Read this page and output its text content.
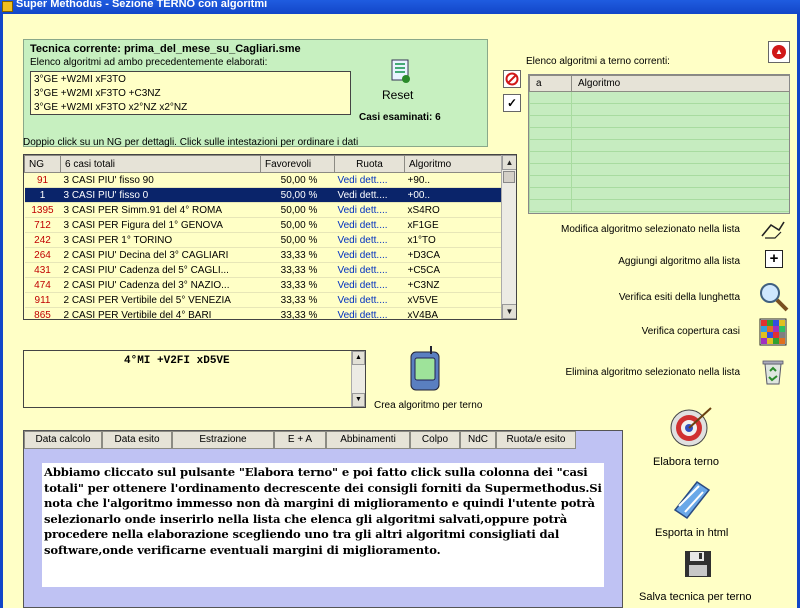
Super Methodus - Sezione TERNO con algoritmi
Tecnica corrente: prima_del_mese_su_Cagliari.sme
Elenco algoritmi ad ambo precedentemente elaborati:
3°GE +W2MI xF3TO
3°GE +W2MI xF3TO +C3NZ
3°GE +W2MI xF3TO x2°NZ x2°NZ
Reset
Casi esaminati: 6
Doppio click su un NG per dettagli. Click sulle intestazioni per ordinare i dati
NG	6 casi totali	Favorevoli	Ruota	Algoritmo
91	3 CASI PIU' fisso 90	50,00 %	Vedi dett....	+90..
1	3 CASI PIU' fisso 0	50,00 %	Vedi dett....	+00..
1395	3 CASI PER Simm.91 del 4° ROMA	50,00 %	Vedi dett....	xS4RO
712	3 CASI PER Figura del 1° GENOVA	50,00 %	Vedi dett....	xF1GE
242	3 CASI PER 1° TORINO	50,00 %	Vedi dett....	x1°TO
264	2 CASI PIU' Decina del 3° CAGLIARI	33,33 %	Vedi dett....	+D3CA
431	2 CASI PIU' Cadenza del 5° CAGLI...	33,33 %	Vedi dett....	+C5CA
474	2 CASI PIU' Cadenza del 3° NAZIO...	33,33 %	Vedi dett....	+C3NZ
911	2 CASI PER Vertibile del 5° VENEZIA	33,33 %	Vedi dett....	xV5VE
865	2 CASI PER Vertibile del 4° BARI	33,33 %	Vedi dett....	xV4BA
▲
▼
✓
Elenco algoritmi a terno correnti:
▲
a	Algoritmo

Modifica algoritmo selezionato nella lista
Aggiungi algoritmo alla lista	+
Verifica esiti della lunghetta
Verifica copertura casi
Elimina algoritmo selezionato nella lista
4°MI +V2FI xD5VE	▲
▼
Crea algoritmo per terno
Data calcolo	Data esito	Estrazione	E + A	Abbinamenti	Colpo	NdC	Ruota/e esito

Abbiamo cliccato sul pulsante "Elabora terno" e poi fatto click sulla colonna dei "casi totali" per ottenere l'ordinamento decrescente dei consigli forniti da Supermethodus.Si nota che l'algoritmo immesso non dà margini di miglioramento e quindi l'utente potrà selezionarlo onde inserirlo nella lista che elenca gli algoritmi salvati,oppure potrà procedere nella elaborazione scegliendo uno tra gli altri algoritmi consigliati dal software,onde verificarne eventuali margini di miglioramento.

Elabora terno
Esporta in html
Salva tecnica per terno
